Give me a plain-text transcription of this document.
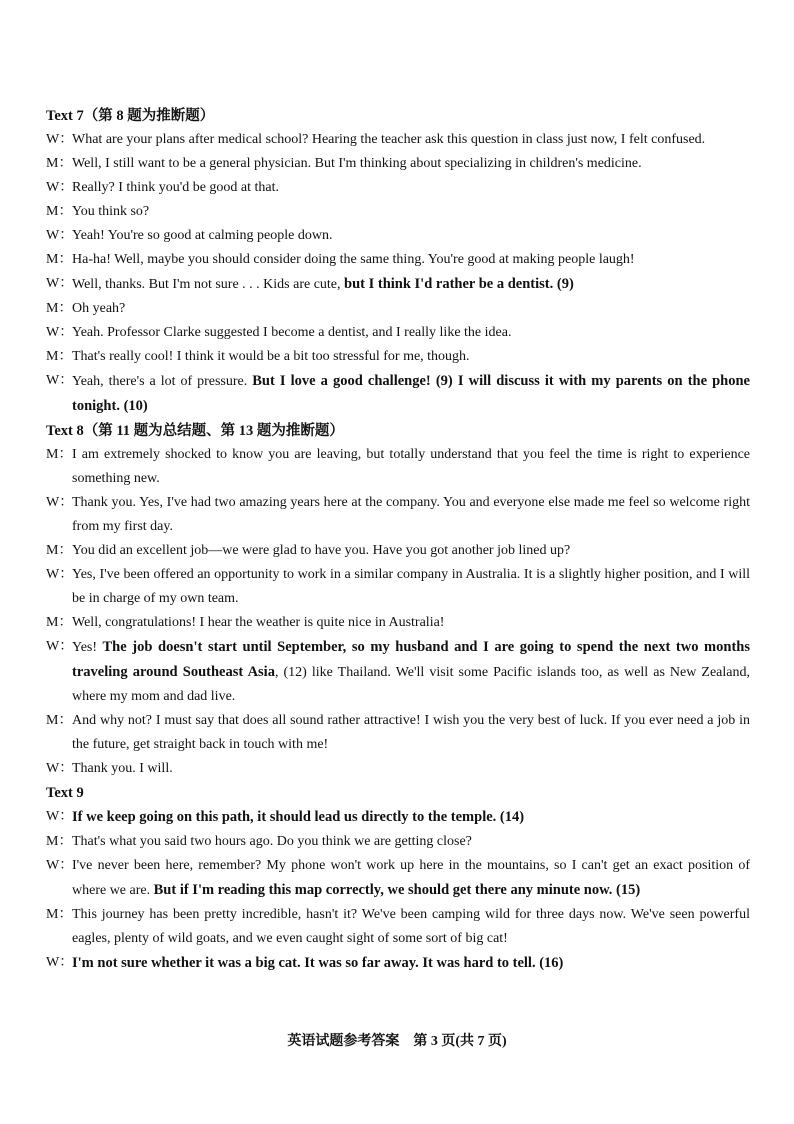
Text 7（第 8 题为推断题）
W：
What are your plans after medical school? Hearing the teacher ask this question in class just now, I felt confused.
M： Well, I still want to be a general physician. But I'm thinking about specializing in children's medicine.
W：
Really? I think you'd be good at that.
M： You think so?
W：
Yeah! You're so good at calming people down.
M： Ha-ha! Well, maybe you should consider doing the same thing. You're good at making people laugh!
W：
Well, thanks. But I'm not sure . . . Kids are cute, but I think I'd rather be a dentist. (9)
M： Oh yeah?
W：
Yeah. Professor Clarke suggested I become a dentist, and I really like the idea.
M： That's really cool! I think it would be a bit too stressful for me, though.
W：
Yeah, there's a lot of pressure. But I love a good challenge! (9) I will discuss it with my parents on the phone tonight. (10)
Text 8（第 11 题为总结题、第 13 题为推断题）
M： I am extremely shocked to know you are leaving, but totally understand that you feel the time is right to experience something new.
W：
Thank you. Yes, I've had two amazing years here at the company. You and everyone else made me feel so welcome right from my first day.
M： You did an excellent job—we were glad to have you. Have you got another job lined up?
W：
Yes, I've been offered an opportunity to work in a similar company in Australia. It is a slightly higher position, and I will be in charge of my own team.
M： Well, congratulations! I hear the weather is quite nice in Australia!
W：
Yes! The job doesn't start until September, so my husband and I are going to spend the next two months traveling around Southeast Asia, (12) like Thailand. We'll visit some Pacific islands too, as well as New Zealand, where my mom and dad live.
M： And why not? I must say that does all sound rather attractive! I wish you the very best of luck. If you ever need a job in the future, get straight back in touch with me!
W：
Thank you. I will.
Text 9
W：
If we keep going on this path, it should lead us directly to the temple. (14)
M： That's what you said two hours ago. Do you think we are getting close?
W：
I've never been here, remember? My phone won't work up here in the mountains, so I can't get an exact position of where we are. But if I'm reading this map correctly, we should get there any minute now. (15)
M： This journey has been pretty incredible, hasn't it? We've been camping wild for three days now. We've seen powerful eagles, plenty of wild goats, and we even caught sight of some sort of big cat!
W：
I'm not sure whether it was a big cat. It was so far away. It was hard to tell. (16)
英语试题参考答案　第 3 页(共 7 页)
